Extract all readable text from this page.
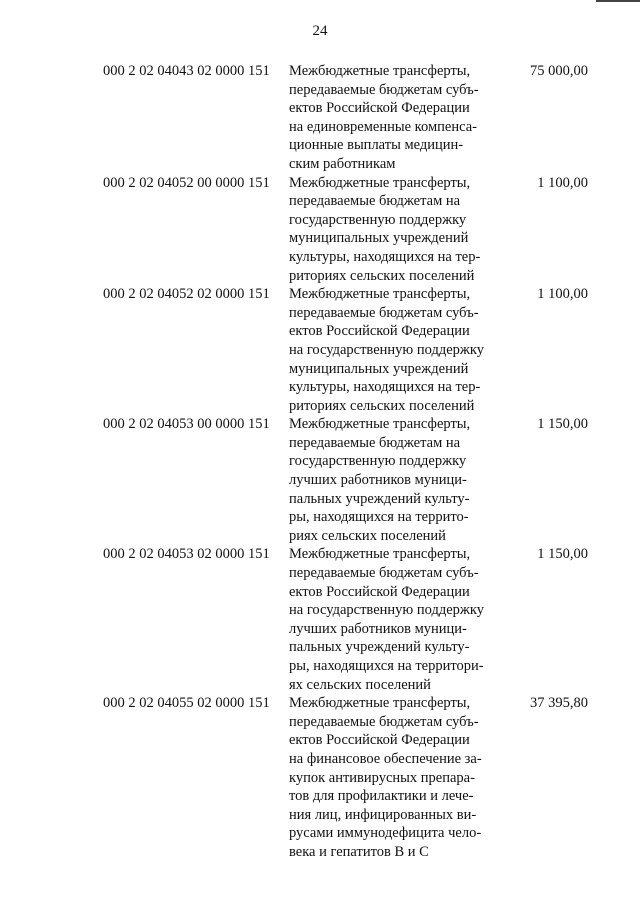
24
000 2 02 04043 02 0000 151	Межбюджетные трансферты,
передаваемые бюджетам субъ-
ектов Российской Федерации
на единовременные компенса-
ционные выплаты медицин-
ским работникам
75 000,00
000 2 02 04052 00 0000 151	Межбюджетные трансферты,
передаваемые бюджетам на
государственную поддержку
муниципальных учреждений
культуры, находящихся на тер-
риториях сельских поселений
1 100,00
000 2 02 04052 02 0000 151	Межбюджетные трансферты,
передаваемые бюджетам субъ-
ектов Российской Федерации
на государственную поддержку
муниципальных учреждений
культуры, находящихся на тер-
риториях сельских поселений
1 100,00
000 2 02 04053 00 0000 151	Межбюджетные трансферты,
передаваемые бюджетам на
государственную поддержку
лучших работников муници-
пальных учреждений культу-
ры, находящихся на террито-
риях сельских поселений
1 150,00
000 2 02 04053 02 0000 151	Межбюджетные трансферты,
передаваемые бюджетам субъ-
ектов Российской Федерации
на государственную поддержку
лучших работников муници-
пальных учреждений культу-
ры, находящихся на территори-
ях сельских поселений
1 150,00
000 2 02 04055 02 0000 151	Межбюджетные трансферты,
передаваемые бюджетам субъ-
ектов Российской Федерации
на финансовое обеспечение за-
купок антивирусных препара-
тов для профилактики и лече-
ния лиц, инфицированных ви-
русами иммунодефицита чело-
века и гепатитов В и С
37 395,80
